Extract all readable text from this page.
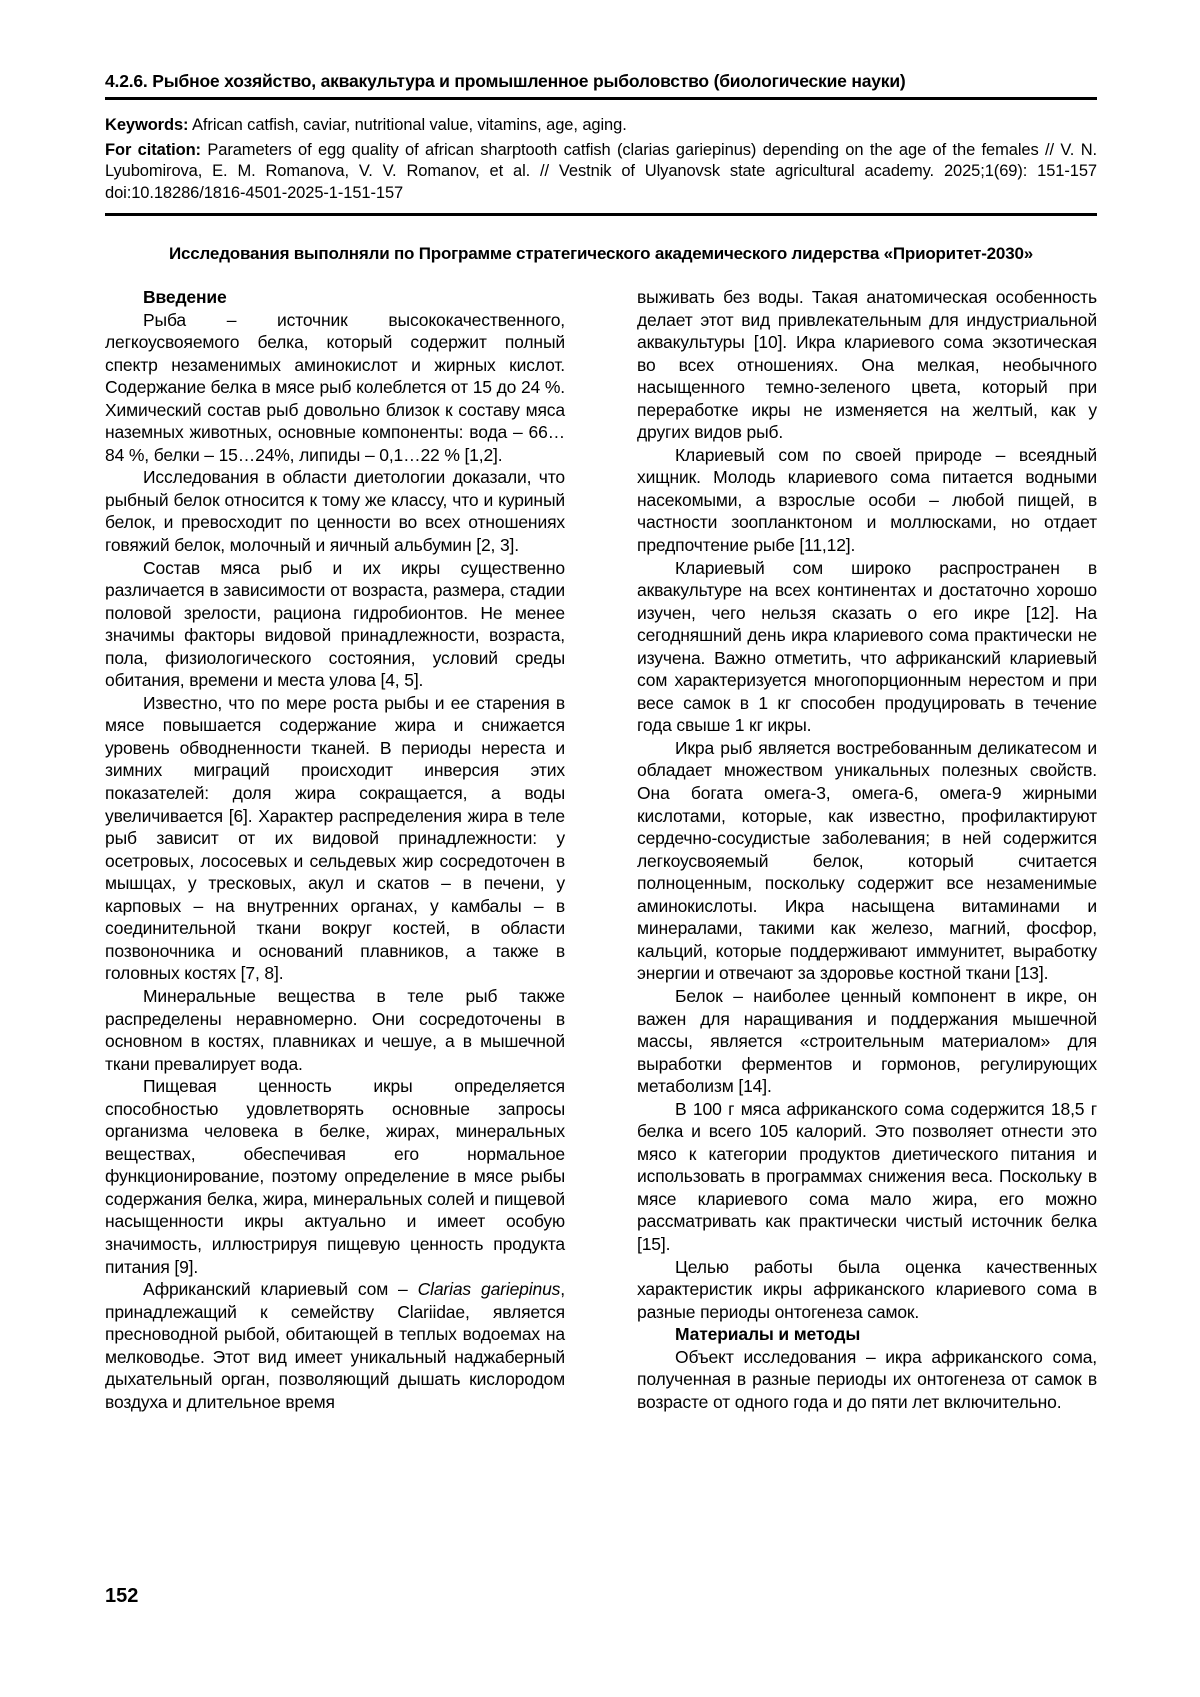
4.2.6. Рыбное хозяйство, аквакультура и промышленное рыболовство (биологические науки)

Keywords: African catfish, caviar, nutritional value, vitamins, age, aging.

For citation: Parameters of egg quality of african sharptooth catfish (clarias gariepinus) depending on the age of the females // V. N. Lyubomirova, E. M. Romanova, V. V. Romanov, et al. // Vestnik of Ulyanovsk state agricultural academy. 2025;1(69): 151-157 doi:10.18286/1816-4501-2025-1-151-157

Исследования выполняли по Программе стратегического академического лидерства «Приоритет-2030»

Введение

Рыба – источник высококачественного, легкоусвояемого белка, который содержит полный спектр незаменимых аминокислот и жирных кислот. Содержание белка в мясе рыб колеблется от 15 до 24 %. Химический состав рыб довольно близок к составу мяса наземных животных, основные компоненты: вода – 66…84 %, белки – 15…24%, липиды – 0,1…22 % [1,2].

Исследования в области диетологии доказали, что рыбный белок относится к тому же классу, что и куриный белок, и превосходит по ценности во всех отношениях говяжий белок, молочный и яичный альбумин [2, 3].

Состав мяса рыб и их икры существенно различается в зависимости от возраста, размера, стадии половой зрелости, рациона гидробионтов. Не менее значимы факторы видовой принадлежности, возраста, пола, физиологического состояния, условий среды обитания, времени и места улова [4, 5].

Известно, что по мере роста рыбы и ее старения в мясе повышается содержание жира и снижается уровень обводненности тканей. В периоды нереста и зимних миграций происходит инверсия этих показателей: доля жира сокращается, а воды увеличивается [6]. Характер распределения жира в теле рыб зависит от их видовой принадлежности: у осетровых, лососевых и сельдевых жир сосредоточен в мышцах, у тресковых, акул и скатов – в печени, у карповых – на внутренних органах, у камбалы – в соединительной ткани вокруг костей, в области позвоночника и оснований плавников, а также в головных костях [7, 8].

Минеральные вещества в теле рыб также распределены неравномерно. Они сосредоточены в основном в костях, плавниках и чешуе, а в мышечной ткани превалирует вода.

Пищевая ценность икры определяется способностью удовлетворять основные запросы организма человека в белке, жирах, минеральных веществах, обеспечивая его нормальное функционирование, поэтому определение в мясе рыбы содержания белка, жира, минеральных солей и пищевой насыщенности икры актуально и имеет особую значимость, иллюстрируя пищевую ценность продукта питания [9].

Африканский клариевый сом – Clarias gariepinus, принадлежащий к семейству Clariidae, является пресноводной рыбой, обитающей в теплых водоемах на мелководье. Этот вид имеет уникальный наджаберный дыхательный орган, позволяющий дышать кислородом воздуха и длительное время

выживать без воды. Такая анатомическая особенность делает этот вид привлекательным для индустриальной аквакультуры [10]. Икра клариевого сома экзотическая во всех отношениях. Она мелкая, необычного насыщенного темно-зеленого цвета, который при переработке икры не изменяется на желтый, как у других видов рыб.

Клариевый сом по своей природе – всеядный хищник. Молодь клариевого сома питается водными насекомыми, а взрослые особи – любой пищей, в частности зоопланктоном и моллюсками, но отдает предпочтение рыбе [11,12].

Клариевый сом широко распространен в аквакультуре на всех континентах и достаточно хорошо изучен, чего нельзя сказать о его икре [12]. На сегодняшний день икра клариевого сома практически не изучена. Важно отметить, что африканский клариевый сом характеризуется многопорционным нерестом и при весе самок в 1 кг способен продуцировать в течение года свыше 1 кг икры.

Икра рыб является востребованным деликатесом и обладает множеством уникальных полезных свойств. Она богата омега-3, омега-6, омега-9 жирными кислотами, которые, как известно, профилактируют сердечно-сосудистые заболевания; в ней содержится легкоусвояемый белок, который считается полноценным, поскольку содержит все незаменимые аминокислоты. Икра насыщена витаминами и минералами, такими как железо, магний, фосфор, кальций, которые поддерживают иммунитет, выработку энергии и отвечают за здоровье костной ткани [13].

Белок – наиболее ценный компонент в икре, он важен для наращивания и поддержания мышечной массы, является «строительным материалом» для выработки ферментов и гормонов, регулирующих метаболизм [14].

В 100 г мяса африканского сома содержится 18,5 г белка и всего 105 калорий. Это позволяет отнести это мясо к категории продуктов диетического питания и использовать в программах снижения веса. Поскольку в мясе клариевого сома мало жира, его можно рассматривать как практически чистый источник белка [15].

Целью работы была оценка качественных характеристик икры африканского клариевого сома в разные периоды онтогенеза самок.

Материалы и методы

Объект исследования – икра африканского сома, полученная в разные периоды их онтогенеза от самок в возрасте от одного года и до пяти лет включительно.

152
